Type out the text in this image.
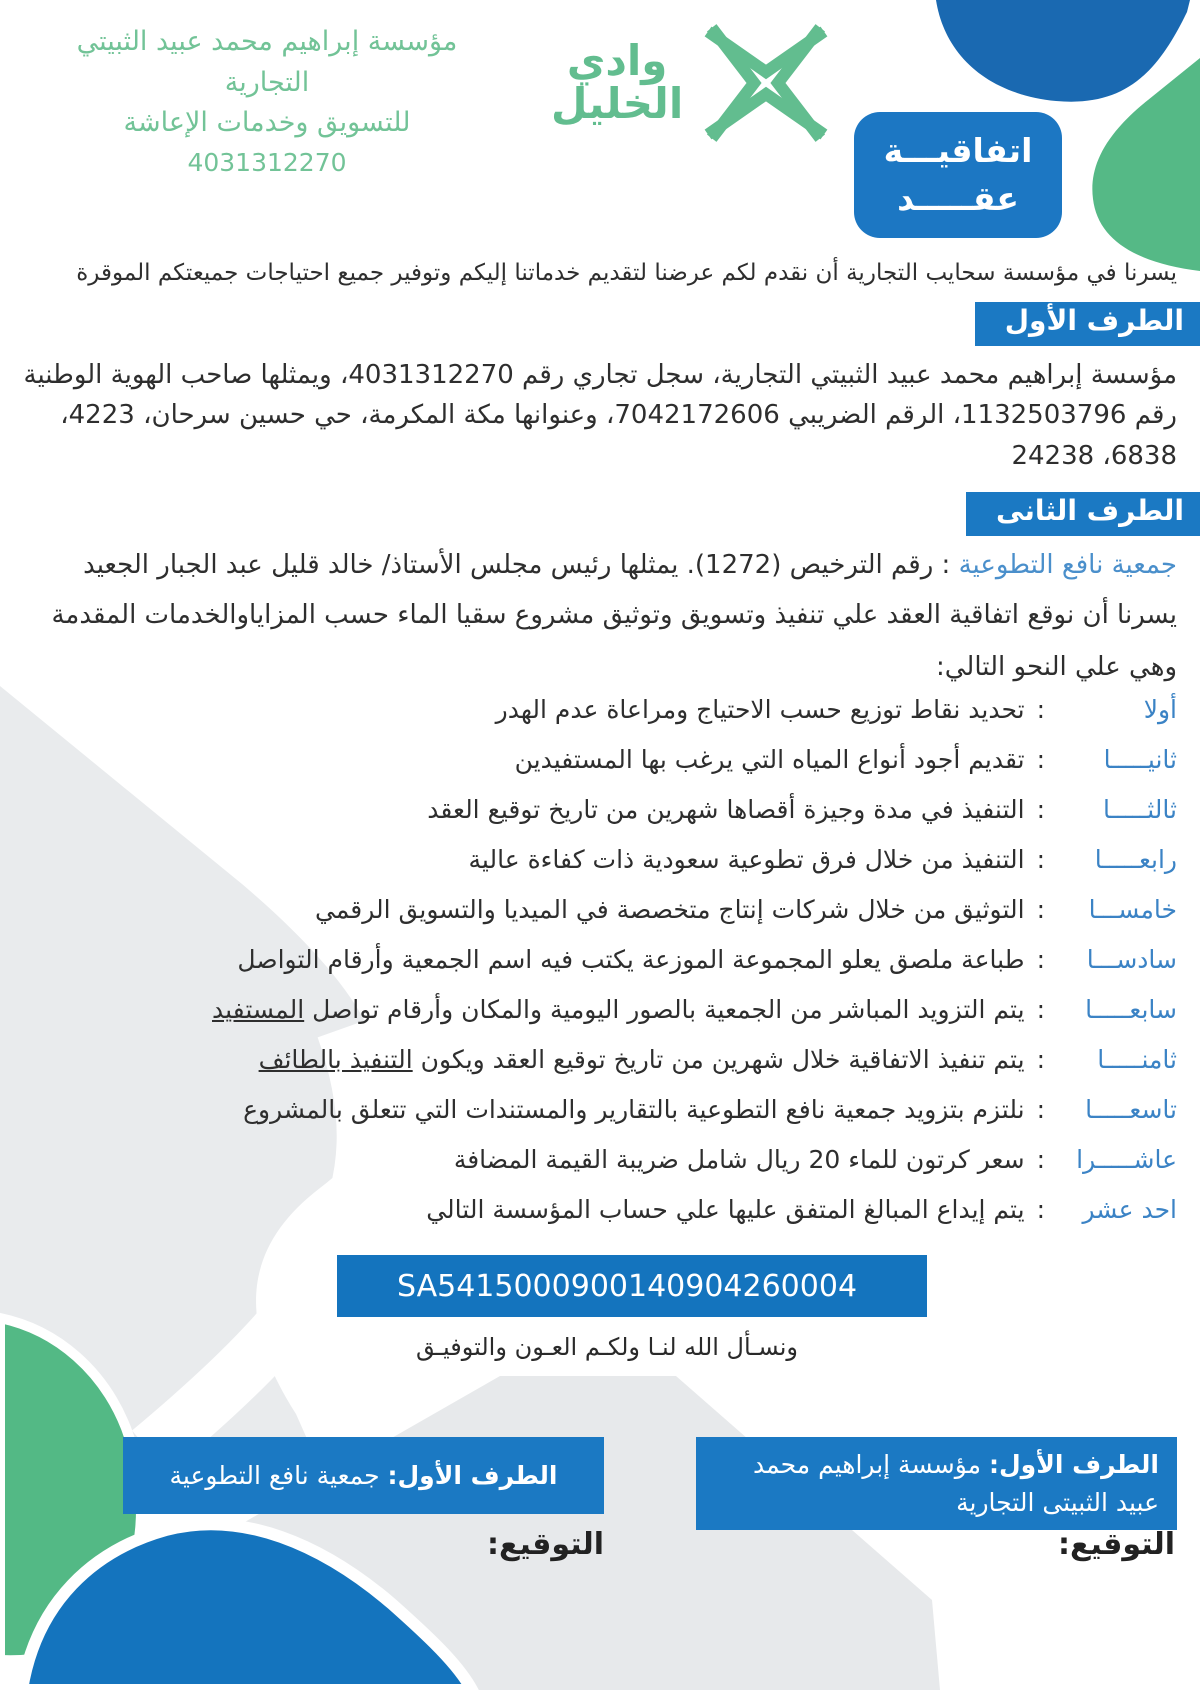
مؤسسة إبراهيم محمد عبيد الثبيتي التجارية
للتسويق وخدمات الإعاشة
4031312270
وادي
الخليل
اتفاقيـــة
عقـــــد
يسرنا في مؤسسة سحايب التجارية أن نقدم لكم عرضنا لتقديم خدماتنا إليكم وتوفير جميع احتياجات جميعتكم الموقرة
الطرف الأول
مؤسسة إبراهيم محمد عبيد الثبيتي التجارية، سجل تجاري رقم 4031312270، ويمثلها صاحب الهوية الوطنية رقم 1132503796، الرقم الضريبي 7042172606، وعنوانها مكة المكرمة، حي حسين سرحان، 4223، 6838، 24238
الطرف الثانى
جمعية نافع التطوعية : رقم الترخيص (1272). يمثلها رئيس مجلس الأستاذ/ خالد قليل عبد الجبار الجعيد
يسرنا أن نوقع اتفاقية العقد علي تنفيذ وتسويق وتوثيق مشروع سقيا الماء حسب المزاياوالخدمات المقدمة وهي علي النحو التالي:
أولا
:
تحديد نقاط توزيع حسب الاحتياج ومراعاة عدم الهدر
ثانيـــــا
:
تقديم أجود أنواع المياه التي يرغب بها المستفيدين
ثالثـــــا
:
التنفيذ في مدة وجيزة أقصاها شهرين من تاريخ توقيع العقد
رابعـــــا
:
التنفيذ من خلال فرق تطوعية سعودية ذات كفاءة عالية
خامســـا
:
التوثيق من خلال شركات إنتاج متخصصة في الميديا والتسويق الرقمي
سادســـا
:
طباعة ملصق يعلو المجموعة الموزعة يكتب فيه اسم الجمعية وأرقام التواصل
سابعـــــا
:
يتم التزويد المباشر من الجمعية بالصور اليومية والمكان وأرقام تواصل المستفيد
ثامنـــــا
:
يتم تنفيذ الاتفاقية خلال شهرين من تاريخ توقيع العقد ويكون التنفيذ بالطائف
تاسعـــــا
:
نلتزم بتزويد جمعية نافع التطوعية بالتقارير والمستندات التي تتعلق بالمشروع
عاشـــــرا
:
سعر كرتون للماء 20 ريال شامل ضريبة القيمة المضافة
احد عشر
:
يتم إيداع المبالغ المتفق عليها علي حساب المؤسسة التالي
SA5415000900140904260004
ونسـأل الله لنـا ولكـم العـون والتوفيـق
الطرف الأول: مؤسسة إبراهيم محمد عبيد الثبيتى التجارية
الطرف الأول: جمعية نافع التطوعية
التوقيع:
التوقيع:
